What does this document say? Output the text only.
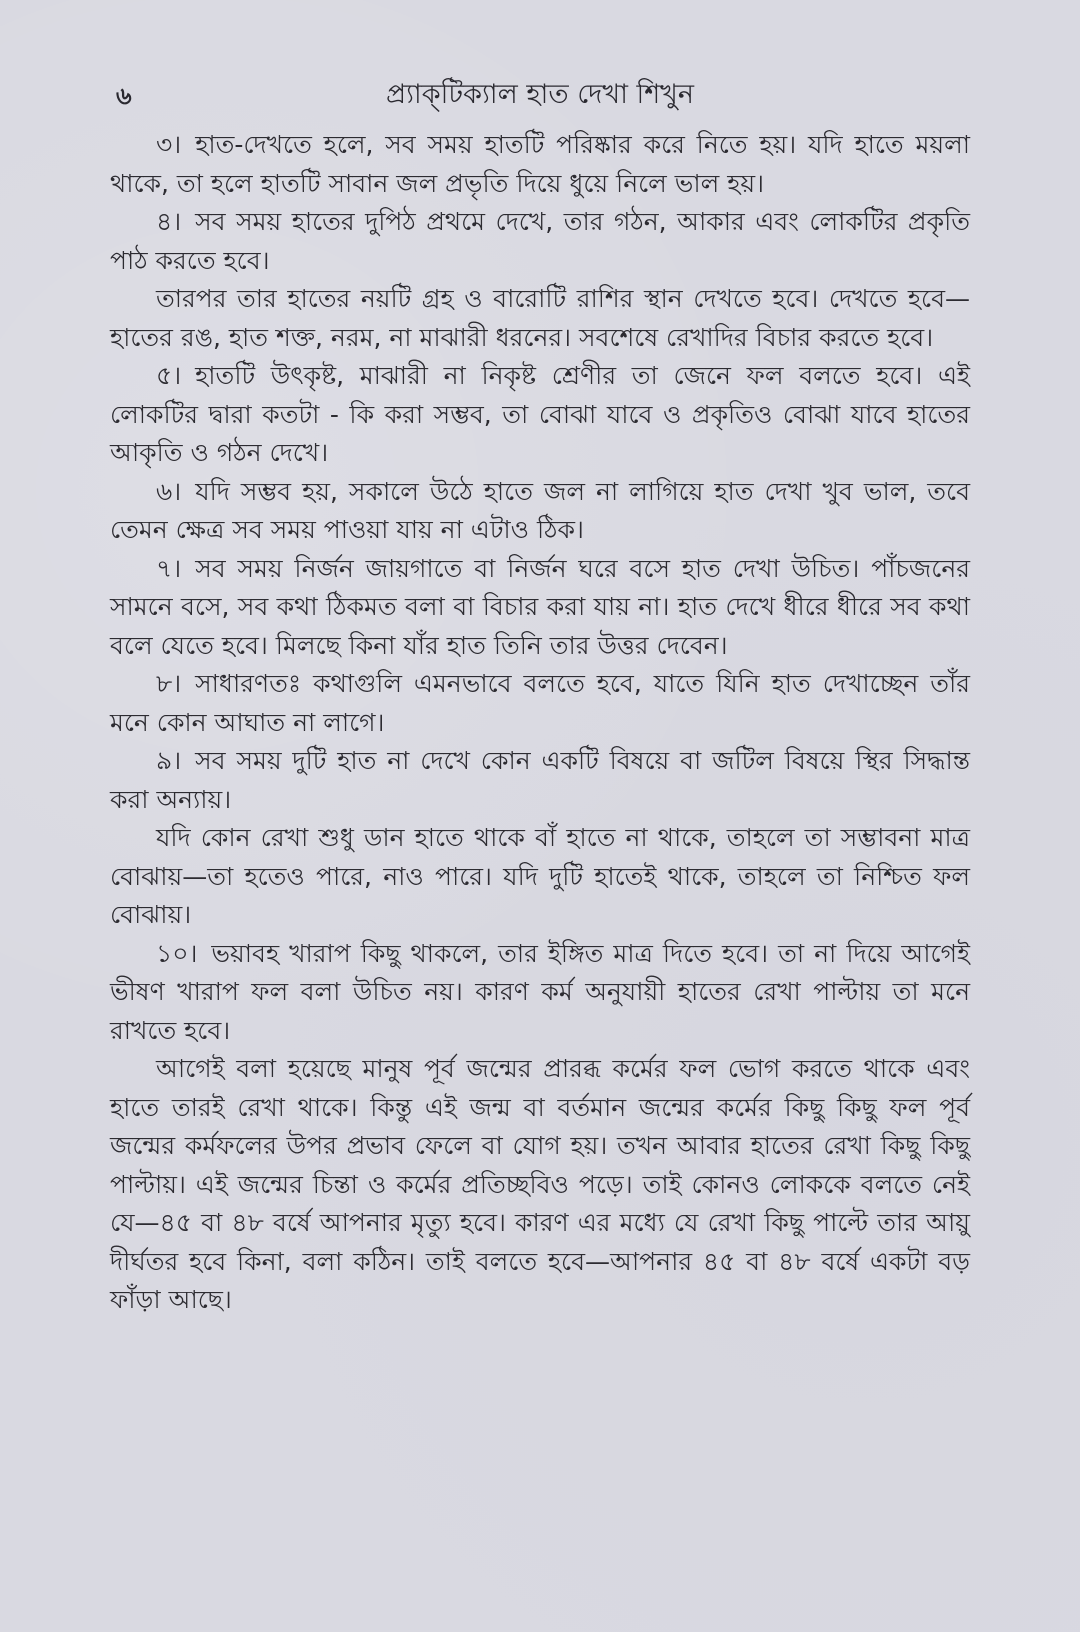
৬	প্র্যাক্‌টিক্যাল হাত দেখা শিখুন

৩। হাত-দেখতে হলে, সব সময় হাতটি পরিষ্কার করে নিতে হয়। যদি হাতে ময়লা থাকে, তা হলে হাতটি সাবান জল প্রভৃতি দিয়ে ধুয়ে নিলে ভাল হয়।

৪। সব সময় হাতের দুপিঠ প্রথমে দেখে, তার গঠন, আকার এবং লোকটির প্রকৃতি পাঠ করতে হবে।

তারপর তার হাতের নয়টি গ্রহ ও বারোটি রাশির স্থান দেখতে হবে। দেখতে হবে—হাতের রঙ, হাত শক্ত, নরম, না মাঝারী ধরনের। সবশেষে রেখাদির বিচার করতে হবে।

৫। হাতটি উৎকৃষ্ট, মাঝারী না নিকৃষ্ট শ্রেণীর তা জেনে ফল বলতে হবে। এই লোকটির দ্বারা কতটা - কি করা সম্ভব, তা বোঝা যাবে ও প্রকৃতিও বোঝা যাবে হাতের আকৃতি ও গঠন দেখে।

৬। যদি সম্ভব হয়, সকালে উঠে হাতে জল না লাগিয়ে হাত দেখা খুব ভাল, তবে তেমন ক্ষেত্র সব সময় পাওয়া যায় না এটাও ঠিক।

৭। সব সময় নির্জন জায়গাতে বা নির্জন ঘরে বসে হাত দেখা উচিত। পাঁচজনের সামনে বসে, সব কথা ঠিকমত বলা বা বিচার করা যায় না। হাত দেখে ধীরে ধীরে সব কথা বলে যেতে হবে। মিলছে কিনা যাঁর হাত তিনি তার উত্তর দেবেন।

৮। সাধারণতঃ কথাগুলি এমনভাবে বলতে হবে, যাতে যিনি হাত দেখাচ্ছেন তাঁর মনে কোন আঘাত না লাগে।

৯। সব সময় দুটি হাত না দেখে কোন একটি বিষয়ে বা জটিল বিষয়ে স্থির সিদ্ধান্ত করা অন্যায়।

যদি কোন রেখা শুধু ডান হাতে থাকে বাঁ হাতে না থাকে, তাহলে তা সম্ভাবনা মাত্র বোঝায়—তা হতেও পারে, নাও পারে। যদি দুটি হাতেই থাকে, তাহলে তা নিশ্চিত ফল বোঝায়।

১০। ভয়াবহ খারাপ কিছু থাকলে, তার ইঙ্গিত মাত্র দিতে হবে। তা না দিয়ে আগেই ভীষণ খারাপ ফল বলা উচিত নয়। কারণ কর্ম অনুযায়ী হাতের রেখা পাল্টায় তা মনে রাখতে হবে।

আগেই বলা হয়েছে মানুষ পূর্ব জন্মের প্রারব্ধ কর্মের ফল ভোগ করতে থাকে এবং হাতে তারই রেখা থাকে। কিন্তু এই জন্ম বা বর্তমান জন্মের কর্মের কিছু কিছু ফল পূর্ব জন্মের কর্মফলের উপর প্রভাব ফেলে বা যোগ হয়। তখন আবার হাতের রেখা কিছু কিছু পাল্টায়। এই জন্মের চিন্তা ও কর্মের প্রতিচ্ছবিও পড়ে। তাই কোনও লোককে বলতে নেই যে—৪৫ বা ৪৮ বর্ষে আপনার মৃত্যু হবে। কারণ এর মধ্যে যে রেখা কিছু পাল্টে তার আয়ু দীর্ঘতর হবে কিনা, বলা কঠিন। তাই বলতে হবে—আপনার ৪৫ বা ৪৮ বর্ষে একটা বড় ফাঁড়া আছে।
